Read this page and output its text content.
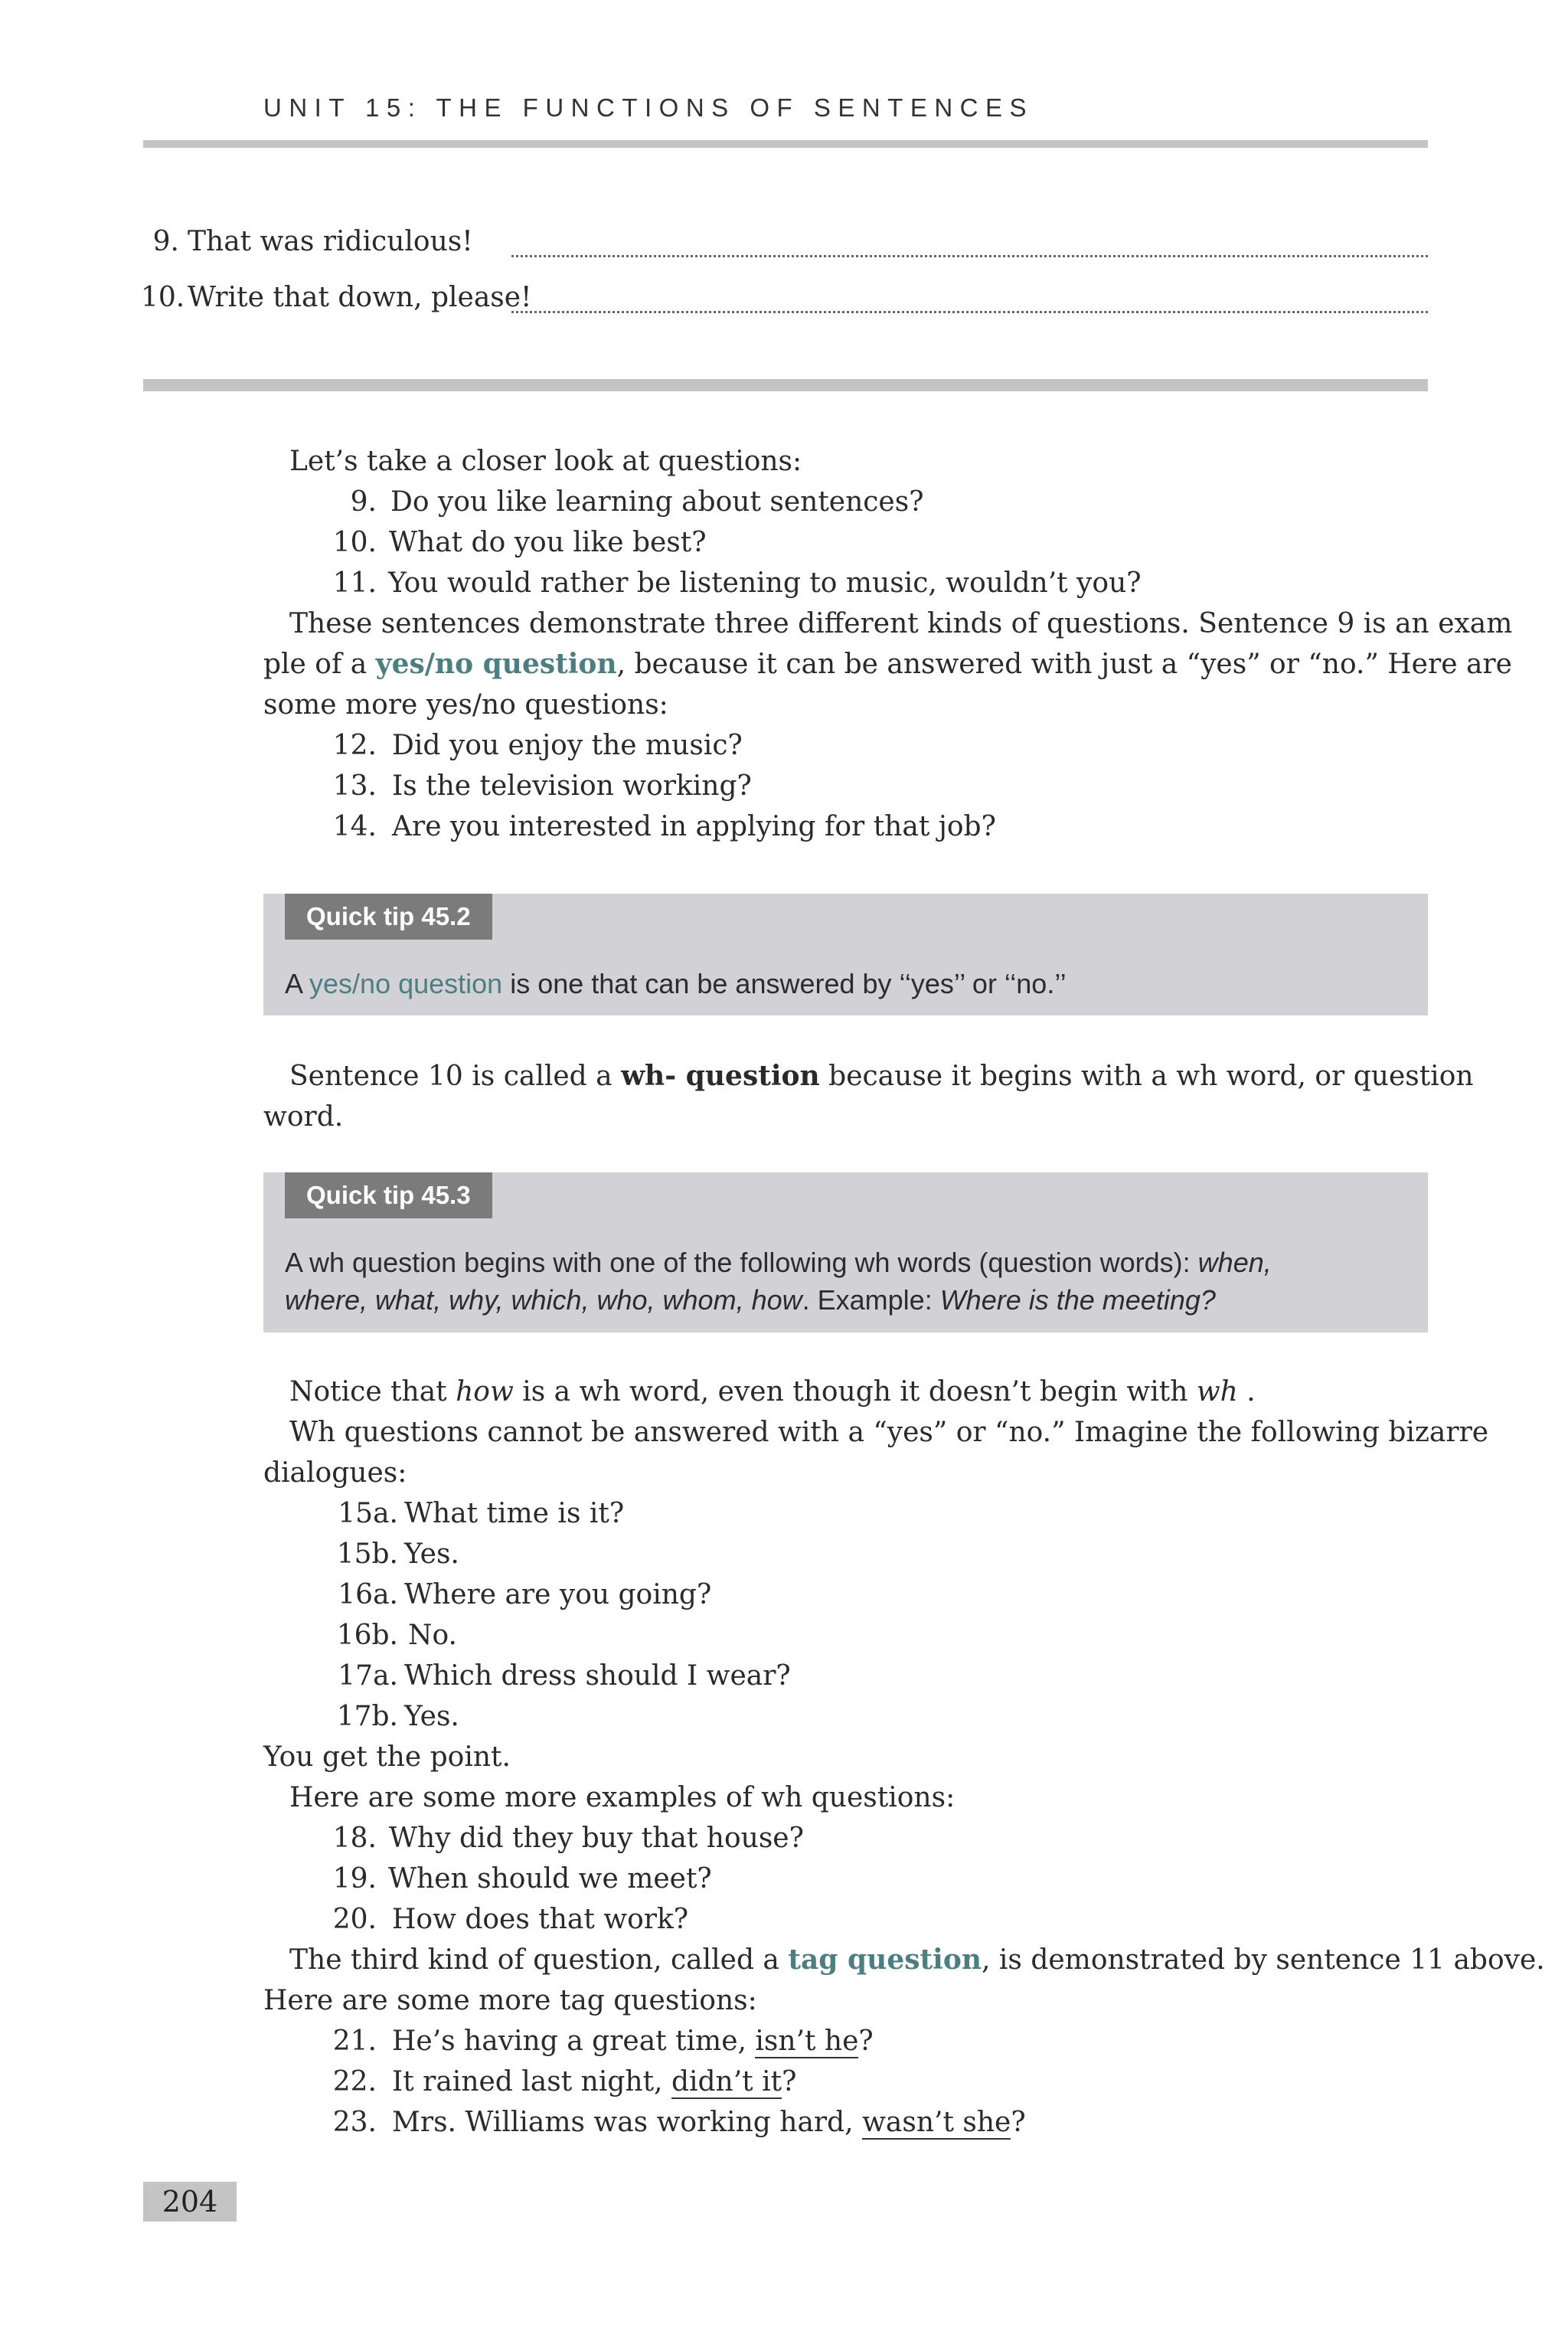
UNIT 15: THE FUNCTIONS OF SENTENCES
9. That was ridiculous!
10. Write that down, please!
Let’s take a closer look at questions:
9. Do you like learning about sentences?
10. What do you like best?
11. You would rather be listening to music, wouldn’t you?
These sentences demonstrate three different kinds of questions. Sentence 9 is an exam
ple of a yes/no question, because it can be answered with just a “yes” or “no.” Here are
some more yes/no questions:
12. Did you enjoy the music?
13. Is the television working?
14. Are you interested in applying for that job?
Quick tip 45.2
A yes/no question is one that can be answered by ‘‘yes’’ or ‘‘no.’’
Sentence 10 is called a wh- question because it begins with a wh word, or question
word.
Quick tip 45.3
A wh question begins with one of the following wh words (question words): when,
where, what, why, which, who, whom, how. Example: Where is the meeting?
Notice that how is a wh word, even though it doesn’t begin with wh .
Wh questions cannot be answered with a “yes” or “no.” Imagine the following bizarre
dialogues:
15a. What time is it?
15b. Yes.
16a. Where are you going?
16b. No.
17a. Which dress should I wear?
17b. Yes.
You get the point.
Here are some more examples of wh questions:
18. Why did they buy that house?
19. When should we meet?
20. How does that work?
The third kind of question, called a tag question, is demonstrated by sentence 11 above.
Here are some more tag questions:
21. He’s having a great time, isn’t he?
22. It rained last night, didn’t it?
23. Mrs. Williams was working hard, wasn’t she?
204
